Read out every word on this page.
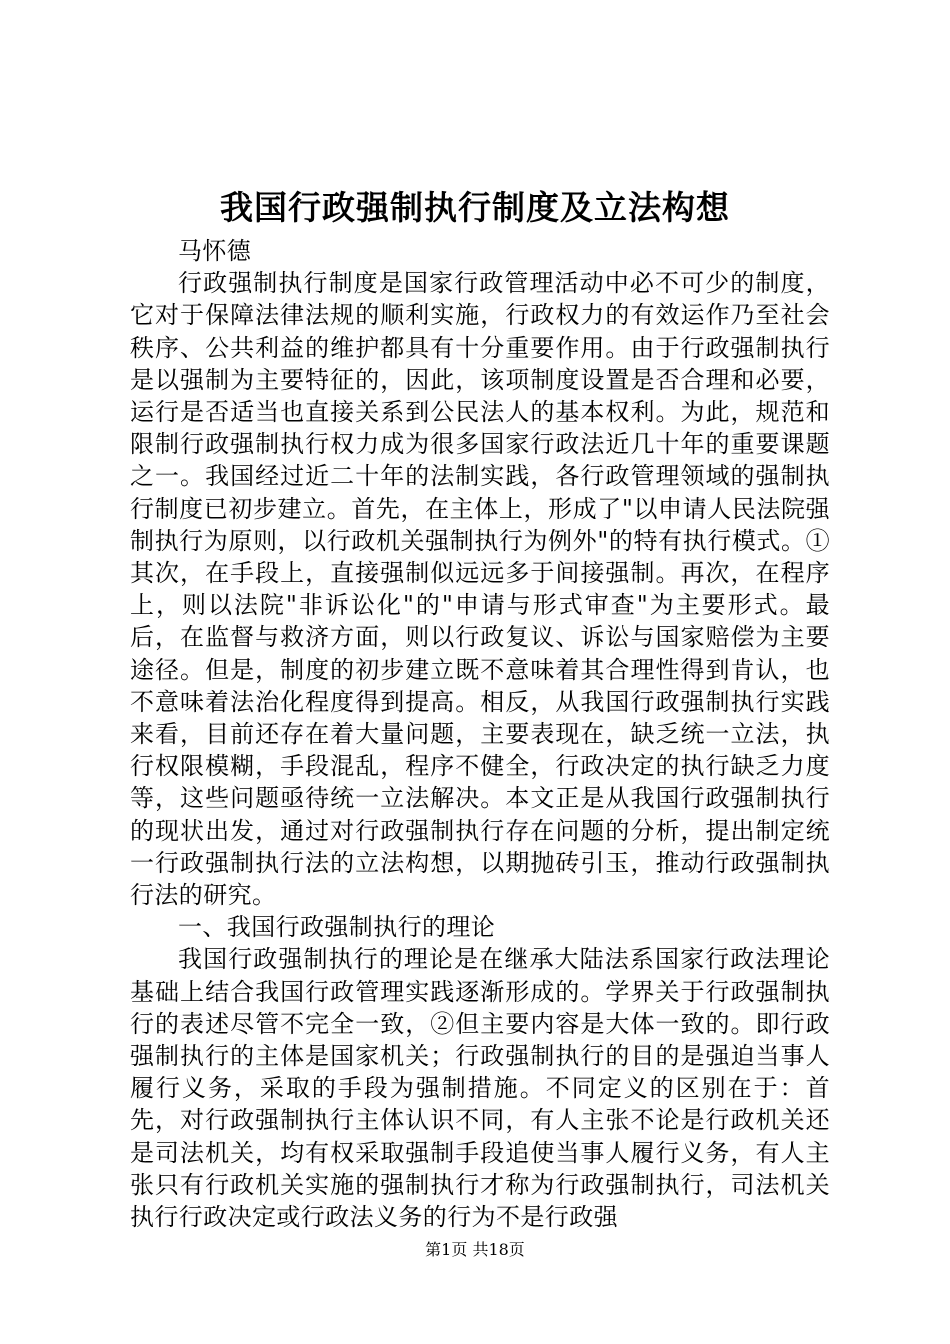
我国行政强制执行制度及立法构想

马怀德

行政强制执行制度是国家行政管理活动中必不可少的制度，它对于保障法律法规的顺利实施，行政权力的有效运作乃至社会秩序、公共利益的维护都具有十分重要作用。由于行政强制执行是以强制为主要特征的，因此，该项制度设置是否合理和必要，运行是否适当也直接关系到公民法人的基本权利。为此，规范和限制行政强制执行权力成为很多国家行政法近几十年的重要课题之一。我国经过近二十年的法制实践，各行政管理领域的强制执行制度已初步建立。首先，在主体上，形成了"以申请人民法院强制执行为原则，以行政机关强制执行为例外"的特有执行模式。①其次，在手段上，直接强制似远远多于间接强制。再次，在程序上，则以法院"非诉讼化"的"申请与形式审查"为主要形式。最后，在监督与救济方面，则以行政复议、诉讼与国家赔偿为主要途径。但是，制度的初步建立既不意味着其合理性得到肯认，也不意味着法治化程度得到提高。相反，从我国行政强制执行实践来看，目前还存在着大量问题，主要表现在，缺乏统一立法，执行权限模糊，手段混乱，程序不健全，行政决定的执行缺乏力度等，这些问题亟待统一立法解决。本文正是从我国行政强制执行的现状出发，通过对行政强制执行存在问题的分析，提出制定统一行政强制执行法的立法构想，以期抛砖引玉，推动行政强制执行法的研究。

一、我国行政强制执行的理论

我国行政强制执行的理论是在继承大陆法系国家行政法理论基础上结合我国行政管理实践逐渐形成的。学界关于行政强制执行的表述尽管不完全一致，②但主要内容是大体一致的。即行政强制执行的主体是国家机关；行政强制执行的目的是强迫当事人履行义务，采取的手段为强制措施。不同定义的区别在于：首先，对行政强制执行主体认识不同，有人主张不论是行政机关还是司法机关，均有权采取强制手段追使当事人履行义务，有人主张只有行政机关实施的强制执行才称为行政强制执行，司法机关执行行政决定或行政法义务的行为不是行政强

第1页 共18页
